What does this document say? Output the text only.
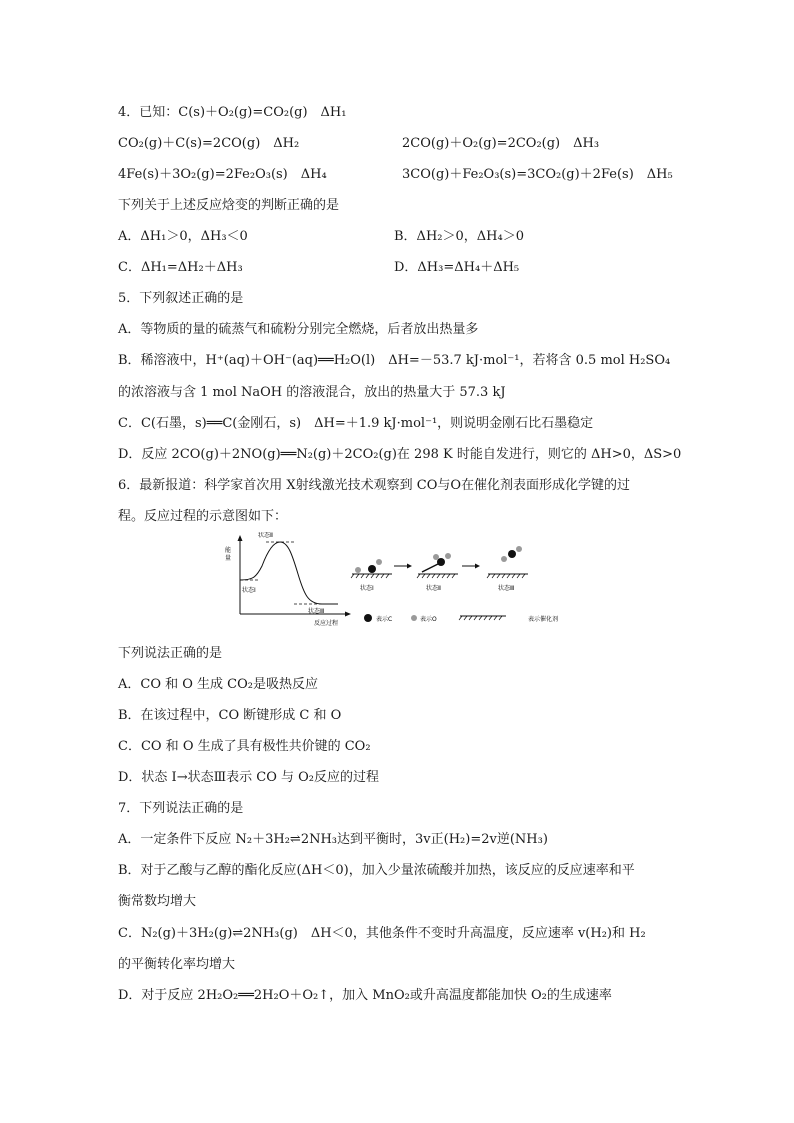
4．已知：C(s)＋O₂(g)=CO₂(g)　ΔH₁
CO₂(g)＋C(s)=2CO(g)　ΔH₂	2CO(g)＋O₂(g)=2CO₂(g)　ΔH₃
4Fe(s)＋3O₂(g)=2Fe₂O₃(s)　ΔH₄	3CO(g)＋Fe₂O₃(s)=3CO₂(g)＋2Fe(s)　ΔH₅
下列关于上述反应焓变的判断正确的是
A．ΔH₁＞0，ΔH₃＜0	B．ΔH₂＞0，ΔH₄＞0
C．ΔH₁=ΔH₂＋ΔH₃	D．ΔH₃=ΔH₄＋ΔH₅
5．下列叙述正确的是
A．等物质的量的硫蒸气和硫粉分别完全燃烧，后者放出热量多
B．稀溶液中，H⁺(aq)＋OH⁻(aq)══H₂O(l)　ΔH=－53.7 kJ·mol⁻¹，若将含 0.5 mol H₂SO₄
的浓溶液与含 1 mol NaOH 的溶液混合，放出的热量大于 57.3 kJ
C．C(石墨，s)══C(金刚石，s)　ΔH=＋1.9 kJ·mol⁻¹，则说明金刚石比石墨稳定
D．反应 2CO(g)＋2NO(g)══N₂(g)＋2CO₂(g)在 298 K 时能自发进行，则它的 ΔH>0，ΔS>0
6．最新报道：科学家首次用 X射线激光技术观察到 CO与O在催化剂表面形成化学键的过
程。反应过程的示意图如下：
能
量
状态Ⅱ
状态Ⅰ
状态Ⅲ
反应过程
状态Ⅰ	状态Ⅱ	状态Ⅲ
表示C	表示O	表示催化剂
下列说法正确的是
A．CO 和 O 生成 CO₂是吸热反应
B．在该过程中，CO 断键形成 C 和 O
C．CO 和 O 生成了具有极性共价键的 CO₂
D．状态 Ⅰ→状态Ⅲ表示 CO 与 O₂反应的过程
7．下列说法正确的是
A．一定条件下反应 N₂＋3H₂⇌2NH₃达到平衡时，3v正(H₂)=2v逆(NH₃)
B．对于乙酸与乙醇的酯化反应(ΔH＜0)，加入少量浓硫酸并加热，该反应的反应速率和平
衡常数均增大
C．N₂(g)＋3H₂(g)⇌2NH₃(g)　ΔH＜0，其他条件不变时升高温度，反应速率 v(H₂)和 H₂
的平衡转化率均增大
D．对于反应 2H₂O₂══2H₂O＋O₂↑，加入 MnO₂或升高温度都能加快 O₂的生成速率
